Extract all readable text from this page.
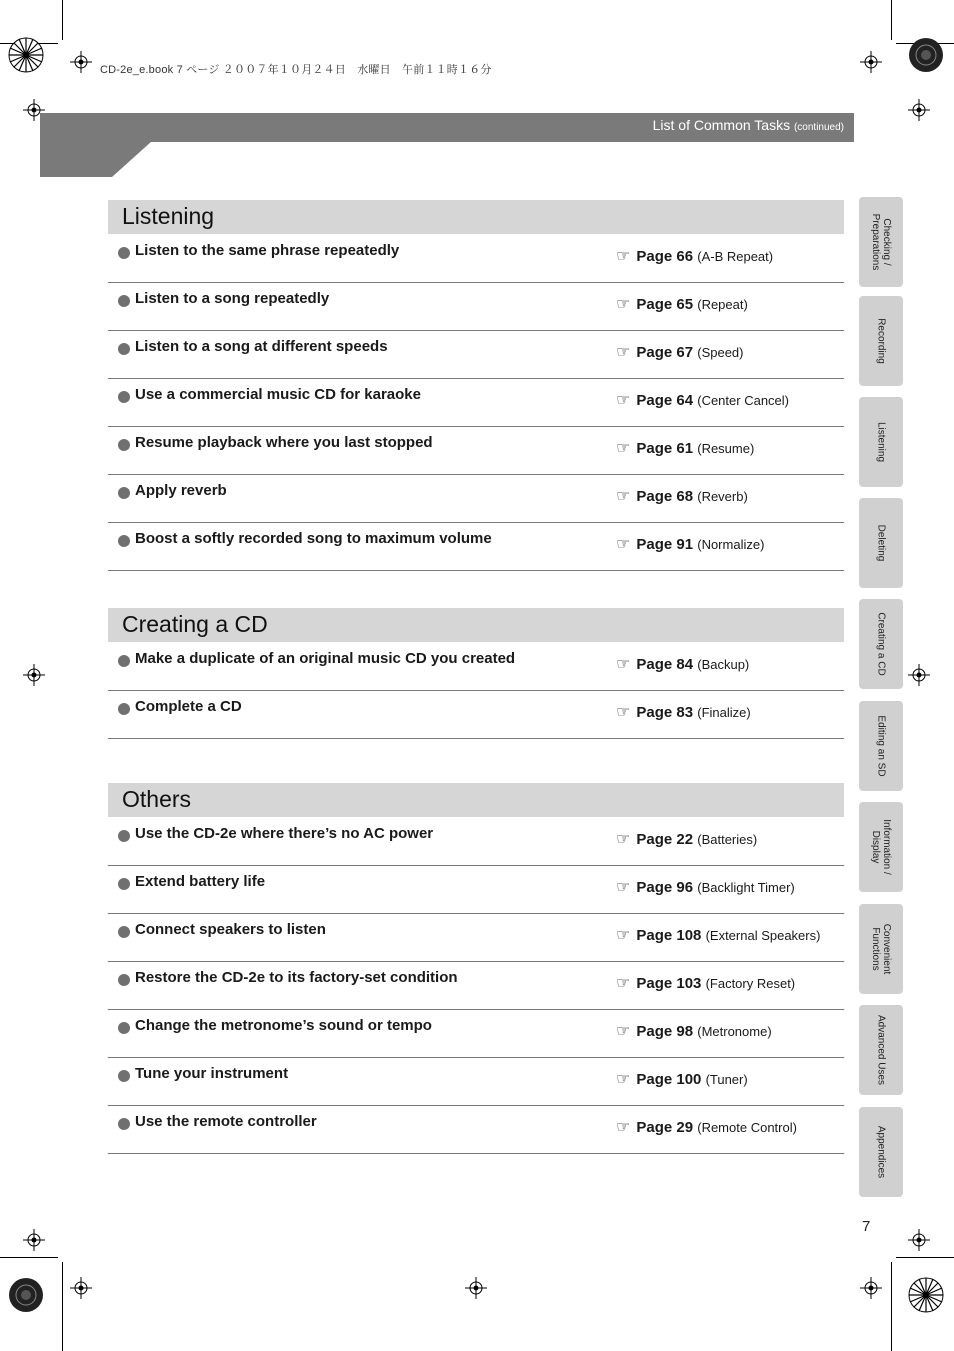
CD-2e_e.book 7 ページ ２００７年１０月２４日　水曜日　午前１１時１６分
List of Common Tasks (continued)
Listening
Listen to the same phrase repeatedly	☞ Page 66 (A-B Repeat)
Listen to a song repeatedly	☞ Page 65 (Repeat)
Listen to a song at different speeds	☞ Page 67 (Speed)
Use a commercial music CD for karaoke	☞ Page 64 (Center Cancel)
Resume playback where you last stopped	☞ Page 61 (Resume)
Apply reverb	☞ Page 68 (Reverb)
Boost a softly recorded song to maximum volume	☞ Page 91 (Normalize)
Creating a CD
Make a duplicate of an original music CD you created	☞ Page 84 (Backup)
Complete a CD	☞ Page 83 (Finalize)
Others
Use the CD-2e where there’s no AC power	☞ Page 22 (Batteries)
Extend battery life	☞ Page 96 (Backlight Timer)
Connect speakers to listen	☞ Page 108 (External Speakers)
Restore the CD-2e to its factory-set condition	☞ Page 103 (Factory Reset)
Change the metronome’s sound or tempo	☞ Page 98 (Metronome)
Tune your instrument	☞ Page 100 (Tuner)
Use the remote controller	☞ Page 29 (Remote Control)
Checking / Preparations
Recording
Listening
Deleting
Creating a CD
Editing an SD
Information / Display
Convenient Functions
Advanced Uses
Appendices
7
